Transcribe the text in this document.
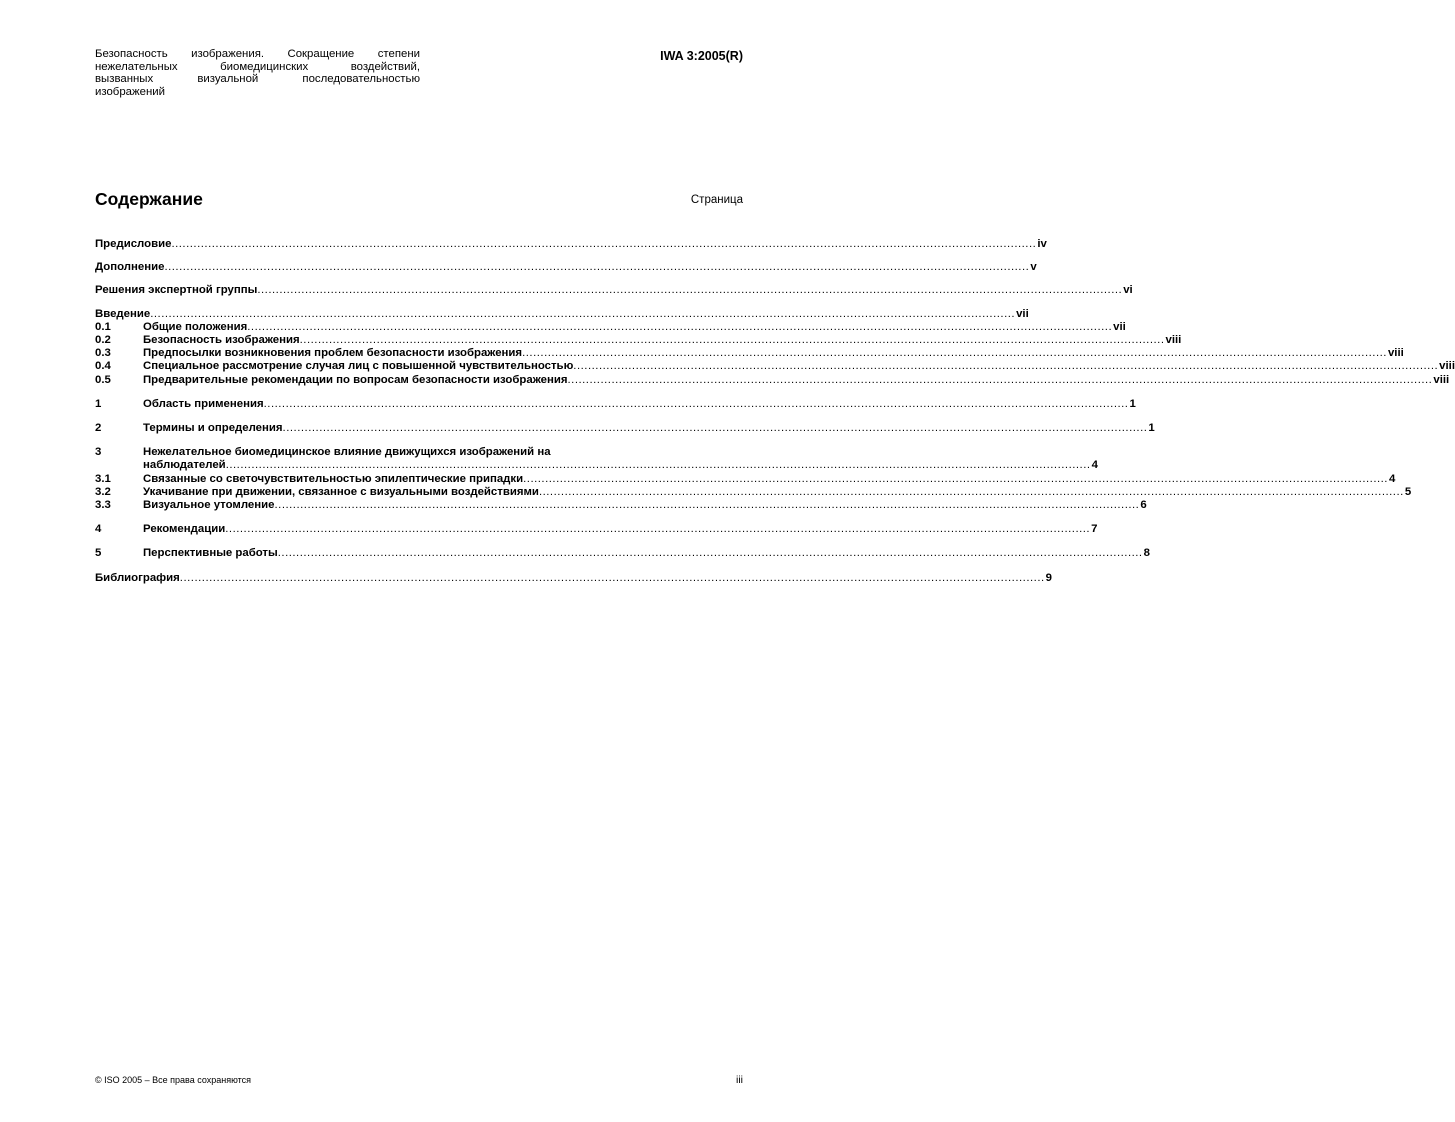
Безопасность изображения. Сокращение степени
нежелательных биомедицинских воздействий,
вызванных визуальной последовательностью
изображений
IWA 3:2005(R)
Содержание	Страница
Предисловие .....	iv
Дополнение .....	v
Решения экспертной группы .....	vi
Введение .....	vii
0.1	Общие положения .....	vii
0.2	Безопасность изображения .....	viii
0.3	Предпосылки возникновения проблем безопасности изображения .....	viii
0.4	Специальное рассмотрение случая лиц с повышенной чувствительностью .....	viii
0.5	Предварительные рекомендации по вопросам безопасности изображения .....	viii
1	Область применения .....	1
2	Термины и определения .....	1
3	Нежелательное биомедицинское влияние движущихся изображений на
наблюдателей .....	4
3.1	Связанные со светочувствительностью эпилептические припадки .....	4
3.2	Укачивание при движении, связанное с визуальными воздействиями .....	5
3.3	Визуальное утомление .....	6
4	Рекомендации .....	7
5	Перспективные работы .....	8
Библиография .....	9
© ISO 2005 – Все права сохраняются	iii
